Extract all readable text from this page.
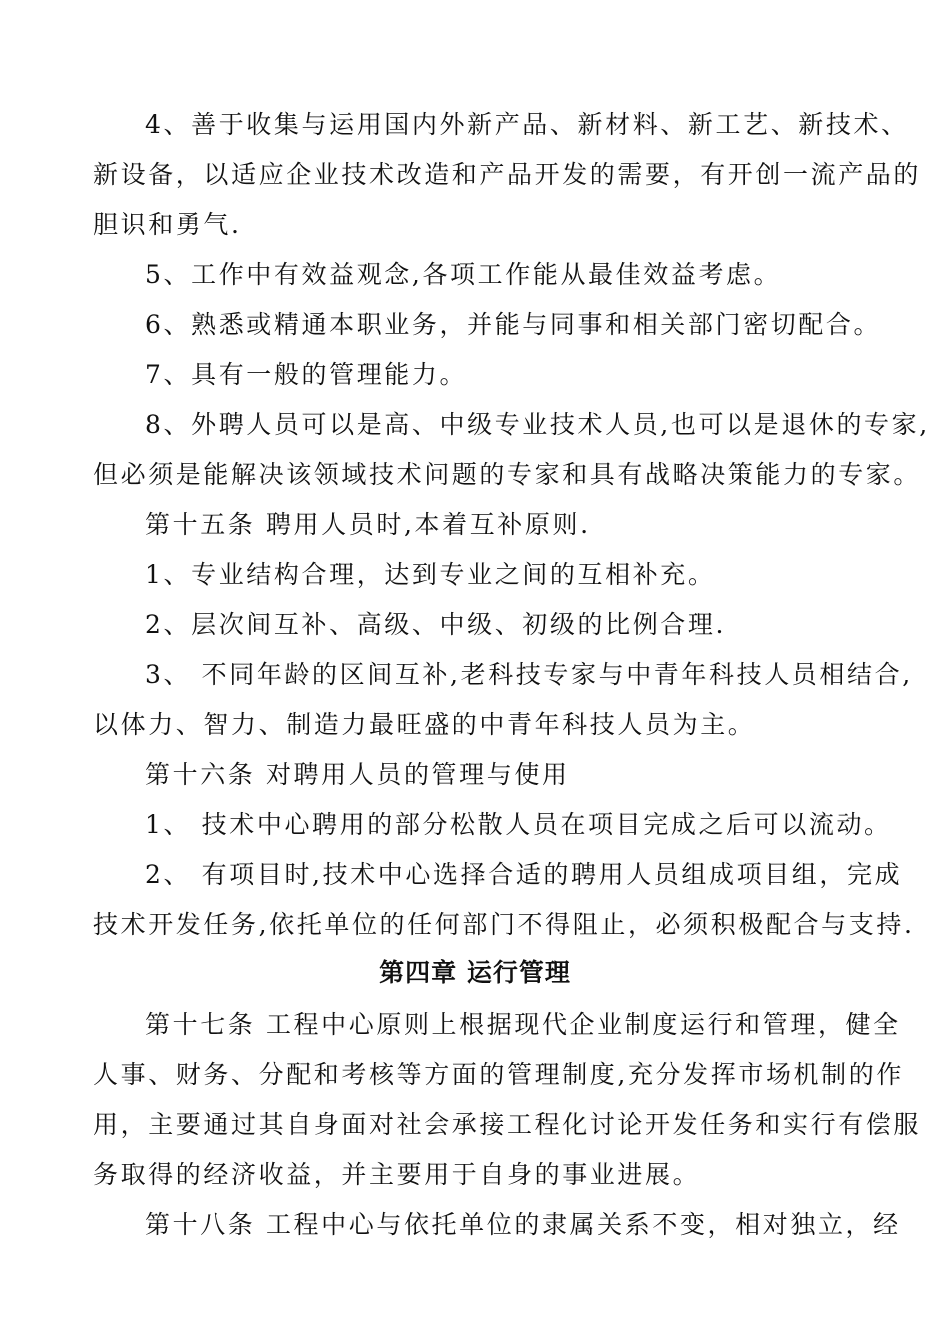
4、善于收集与运用国内外新产品、新材料、新工艺、新技术、
新设备，以适应企业技术改造和产品开发的需要，有开创一流产品的
胆识和勇气.
5、工作中有效益观念,各项工作能从最佳效益考虑。
6、熟悉或精通本职业务，并能与同事和相关部门密切配合。
7、具有一般的管理能力。
8、外聘人员可以是高、中级专业技术人员,也可以是退休的专家,
但必须是能解决该领域技术问题的专家和具有战略决策能力的专家。
第十五条 聘用人员时,本着互补原则.
1、专业结构合理，达到专业之间的互相补充。
2、层次间互补、高级、中级、初级的比例合理.
3、 不同年龄的区间互补,老科技专家与中青年科技人员相结合,
以体力、智力、制造力最旺盛的中青年科技人员为主。
第十六条 对聘用人员的管理与使用
1、 技术中心聘用的部分松散人员在项目完成之后可以流动。
2、 有项目时,技术中心选择合适的聘用人员组成项目组，完成
技术开发任务,依托单位的任何部门不得阻止，必须积极配合与支持.
第四章 运行管理
第十七条 工程中心原则上根据现代企业制度运行和管理，健全
人事、财务、分配和考核等方面的管理制度,充分发挥市场机制的作
用，主要通过其自身面对社会承接工程化讨论开发任务和实行有偿服
务取得的经济收益，并主要用于自身的事业进展。
第十八条 工程中心与依托单位的隶属关系不变，相对独立，经
